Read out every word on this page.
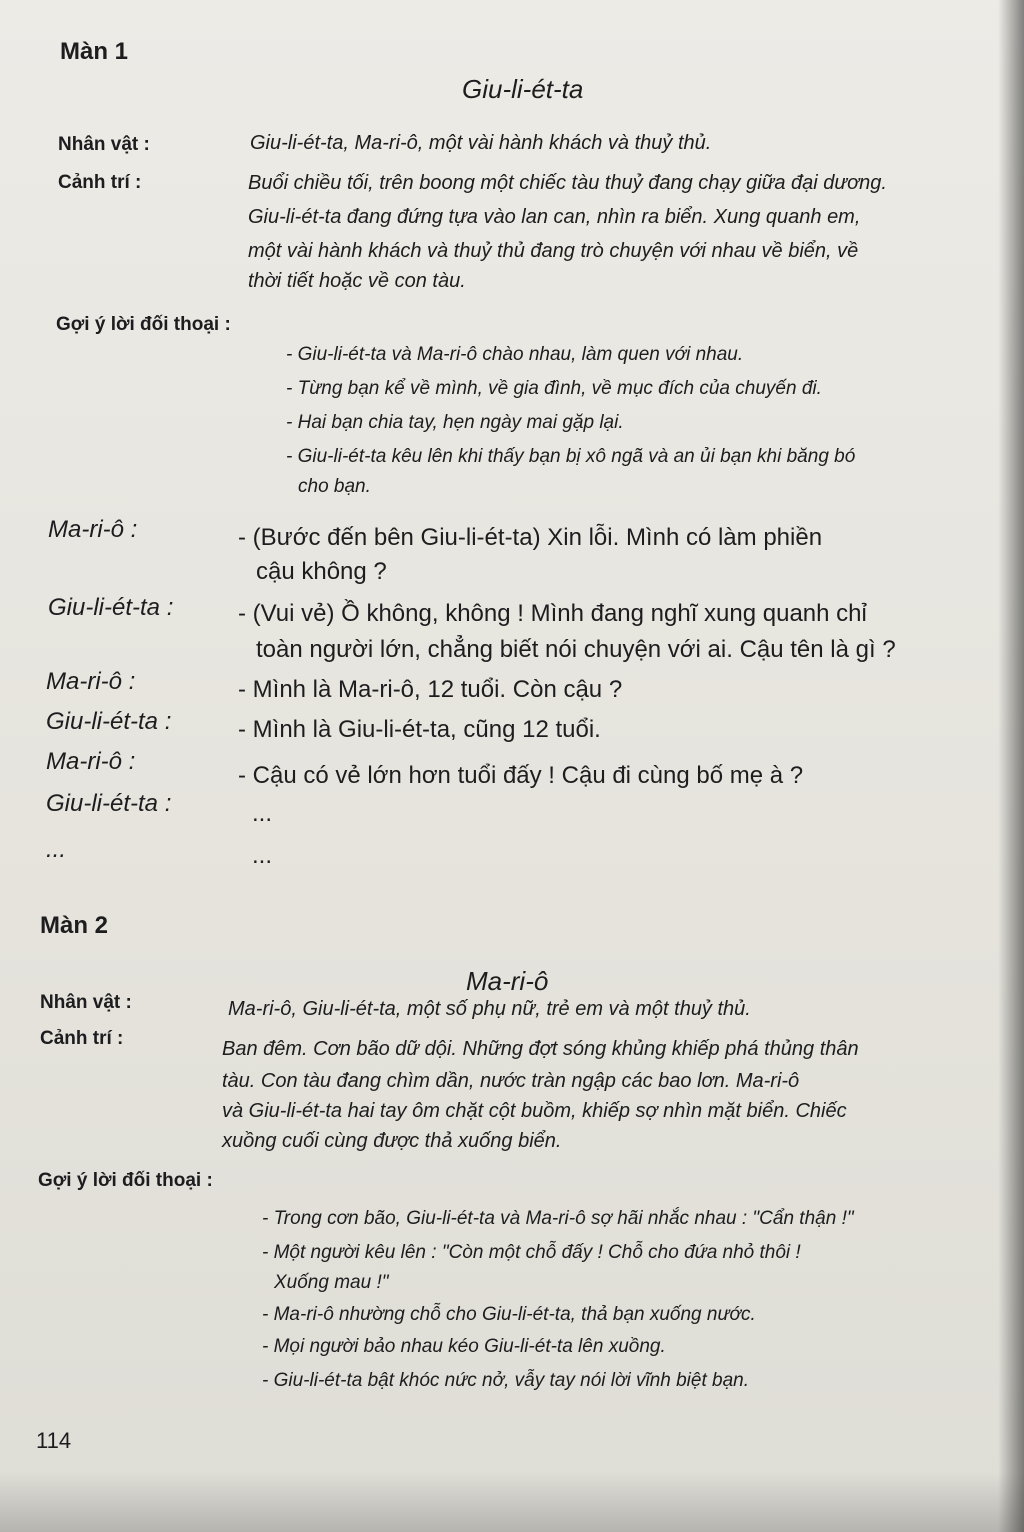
Màn 1
Giu-li-ét-ta
Nhân vật :	Giu-li-ét-ta, Ma-ri-ô, một vài hành khách và thuỷ thủ.
Cảnh trí :	Buổi chiều tối, trên boong một chiếc tàu thuỷ đang chạy giữa đại dương.
Giu-li-ét-ta đang đứng tựa vào lan can, nhìn ra biển. Xung quanh em,
một vài hành khách và thuỷ thủ đang trò chuyện với nhau về biển, về
thời tiết hoặc về con tàu.
Gợi ý lời đối thoại :
- Giu-li-ét-ta và Ma-ri-ô chào nhau, làm quen với nhau.
- Từng bạn kể về mình, về gia đình, về mục đích của chuyến đi.
- Hai bạn chia tay, hẹn ngày mai gặp lại.
- Giu-li-ét-ta kêu lên khi thấy bạn bị xô ngã và an ủi bạn khi băng bó
cho bạn.
Ma-ri-ô :	- (Bước đến bên Giu-li-ét-ta) Xin lỗi. Mình có làm phiền
cậu không ?
Giu-li-ét-ta :	- (Vui vẻ) Ồ không, không ! Mình đang nghĩ xung quanh chỉ
toàn người lớn, chẳng biết nói chuyện với ai. Cậu tên là gì ?
Ma-ri-ô :	- Mình là Ma-ri-ô, 12 tuổi. Còn cậu ?
Giu-li-ét-ta :	- Mình là Giu-li-ét-ta, cũng 12 tuổi.
Ma-ri-ô :
- Cậu có vẻ lớn hơn tuổi đấy ! Cậu đi cùng bố mẹ à ?
Giu-li-ét-ta :	...
...	...
Màn 2
Ma-ri-ô
Nhân vật :	Ma-ri-ô, Giu-li-ét-ta, một số phụ nữ, trẻ em và một thuỷ thủ.
Cảnh trí :	Ban đêm. Cơn bão dữ dội. Những đợt sóng khủng khiếp phá thủng thân
tàu. Con tàu đang chìm dần, nước tràn ngập các bao lơn. Ma-ri-ô
và Giu-li-ét-ta hai tay ôm chặt cột buồm, khiếp sợ nhìn mặt biển. Chiếc
xuồng cuối cùng được thả xuống biển.
Gợi ý lời đối thoại :
- Trong cơn bão, Giu-li-ét-ta và Ma-ri-ô sợ hãi nhắc nhau : "Cẩn thận !"
- Một người kêu lên : "Còn một chỗ đấy ! Chỗ cho đứa nhỏ thôi !
Xuống mau !"
- Ma-ri-ô nhường chỗ cho Giu-li-ét-ta, thả bạn xuống nước.
- Mọi người bảo nhau kéo Giu-li-ét-ta lên xuồng.
- Giu-li-ét-ta bật khóc nức nở, vẫy tay nói lời vĩnh biệt bạn.
114
